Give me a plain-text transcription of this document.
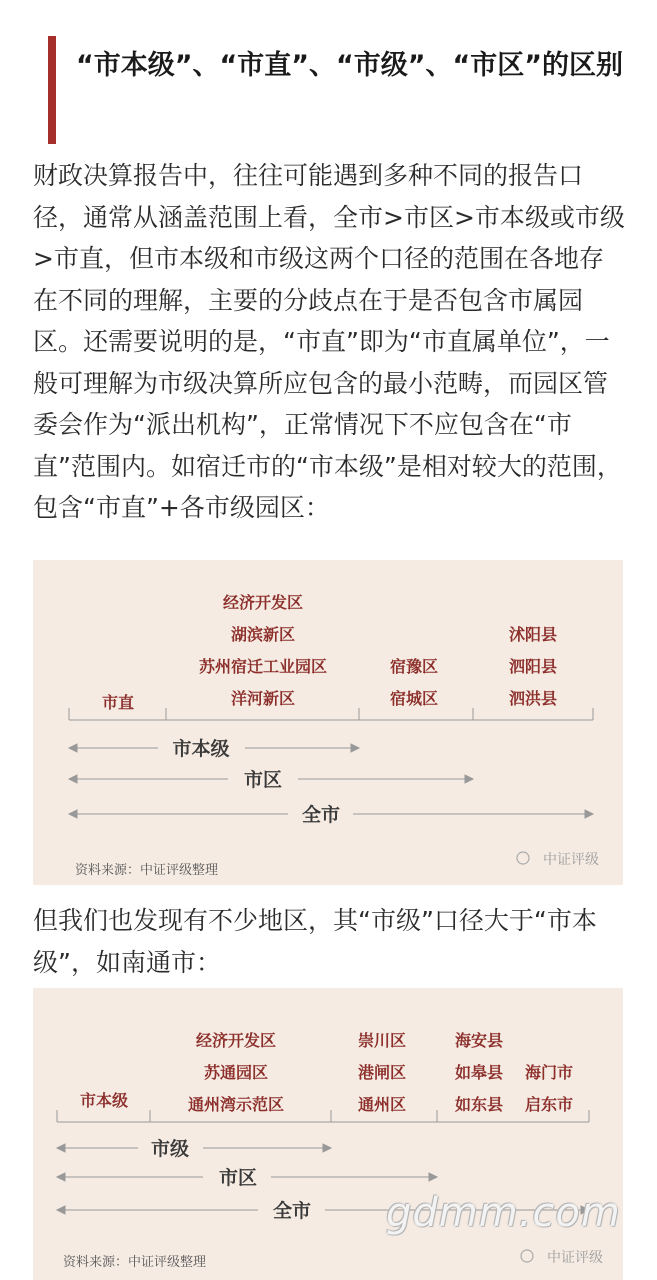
“市本级”、“市直”、“市级”、“市区”的区别

财政决算报告中，往往可能遇到多种不同的报告口径，通常从涵盖范围上看，全市>市区>市本级或市级>市直，但市本级和市级这两个口径的范围在各地存在不同的理解，主要的分歧点在于是否包含市属园区。还需要说明的是，“市直”即为“市直属单位”，一般可理解为市级决算所应包含的最小范畴，而园区管委会作为“派出机构”，正常情况下不应包含在“市直”范围内。如宿迁市的“市本级”是相对较大的范围，包含“市直”+各市级园区：

经济开发区
湖滨新区
苏州宿迁工业园区
洋河新区
市直
宿豫区
宿城区
沭阳县
泗阳县
泗洪县
市本级
市区
全市
资料来源：中证评级整理
中证评级

但我们也发现有不少地区，其“市级”口径大于“市本级”，如南通市：

经济开发区
苏通园区
通州湾示范区
市本级
崇川区
港闸区
通州区
海安县
如皋县
如东县
海门市
启东市
市级
市区
全市
资料来源：中证评级整理	中证评级
gdmm.com
